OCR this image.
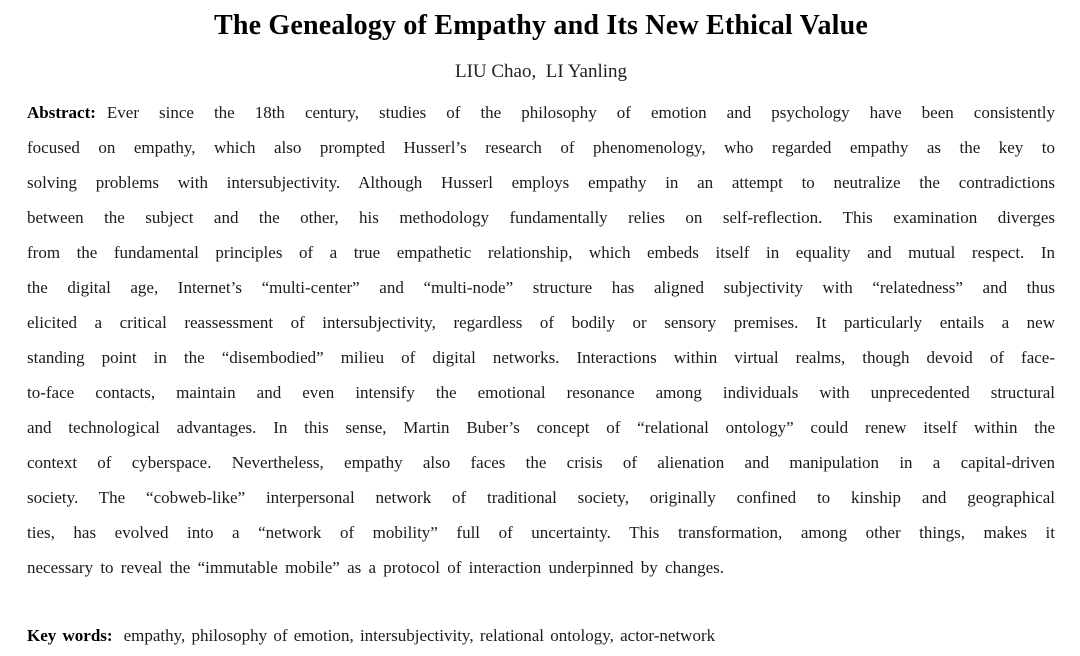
The Genealogy of Empathy and Its New Ethical Value
LIU Chao,  LI Yanling
Abstract: Ever since the 18th century, studies of the philosophy of emotion and psychology have been consistently
focused on empathy, which also prompted Husserl’s research of phenomenology, who regarded empathy as the key to
solving problems with intersubjectivity. Although Husserl employs empathy in an attempt to neutralize the contradictions
between the subject and the other, his methodology fundamentally relies on self-reflection. This examination diverges
from the fundamental principles of a true empathetic relationship, which embeds itself in equality and mutual respect. In
the digital age, Internet’s “multi-center” and “multi-node” structure has aligned subjectivity with “relatedness” and thus
elicited a critical reassessment of intersubjectivity, regardless of bodily or sensory premises. It particularly entails a new
standing point in the “disembodied” milieu of digital networks. Interactions within virtual realms, though devoid of face-
to-face contacts, maintain and even intensify the emotional resonance among individuals with unprecedented structural
and technological advantages. In this sense, Martin Buber’s concept of “relational ontology” could renew itself within the
context of cyberspace. Nevertheless, empathy also faces the crisis of alienation and manipulation in a capital-driven
society. The “cobweb-like” interpersonal network of traditional society, originally confined to kinship and geographical
ties, has evolved into a “network of mobility” full of uncertainty. This transformation, among other things, makes it
necessary to reveal the “immutable mobile” as a protocol of interaction underpinned by changes.
Key words: empathy, philosophy of emotion, intersubjectivity, relational ontology, actor-network
